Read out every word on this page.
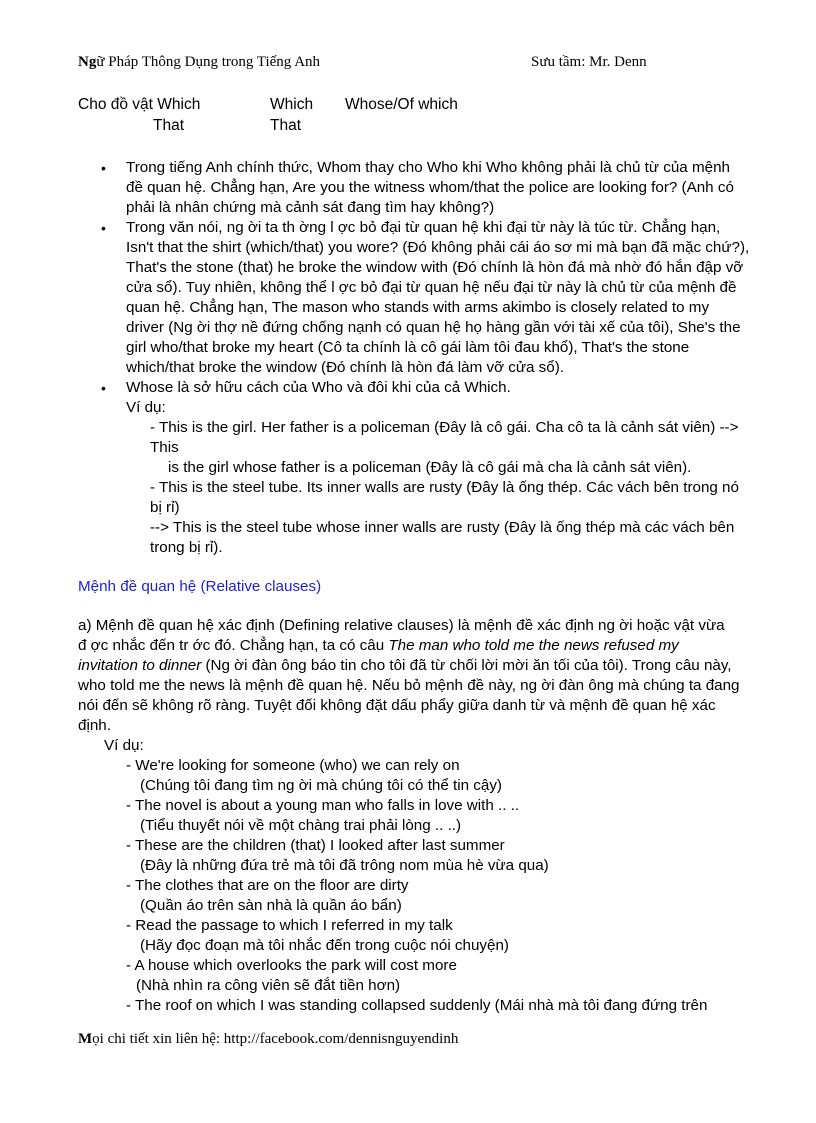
Ngữ Pháp Thông Dụng trong Tiếng Anh	Sưu tầm: Mr. Denn
Cho đồ vật Which
That
Which
That
Whose/Of which
• Trong tiếng Anh chính thức, Whom thay cho Who khi Who không phải là chủ từ của mệnh
đề quan hệ. Chẳng hạn, Are you the witness whom/that the police are looking for? (Anh có
phải là nhân chứng mà cảnh sát đang tìm hay không?)
• Trong văn nói, ng ời ta th ờng l ợc bỏ đại từ quan hệ khi đại từ này là túc từ. Chẳng hạn,
Isn't that the shirt (which/that) you wore? (Đó không phải cái áo sơ mi mà bạn đã mặc chứ?),
That's the stone (that) he broke the window with (Đó chính là hòn đá mà nhờ đó hắn đập vỡ
cửa sổ). Tuy nhiên, không thể l ợc bỏ đại từ quan hệ nếu đại từ này là chủ từ của mệnh đề
quan hệ. Chẳng hạn, The mason who stands with arms akimbo is closely related to my
driver (Ng ời thợ nề đứng chống nạnh có quan hệ họ hàng gần với tài xế của tôi), She's the
girl who/that broke my heart (Cô ta chính là cô gái làm tôi đau khổ), That's the stone
which/that broke the window (Đó chính là hòn đá làm vỡ cửa sổ).
• Whose là sở hữu cách của Who và đôi khi của cả Which.
Ví dụ:
- This is the girl. Her father is a policeman (Đây là cô gái. Cha cô ta là cảnh sát viên) -->
This
is the girl whose father is a policeman (Đây là cô gái mà cha là cảnh sát viên).
- This is the steel tube. Its inner walls are rusty (Đây là ống thép. Các vách bên trong nó
bị rỉ)
--> This is the steel tube whose inner walls are rusty (Đây là ống thép mà các vách bên
trong bị rỉ).
Mệnh đề quan hệ (Relative clauses)
a) Mệnh đề quan hệ xác định (Defining relative clauses) là mệnh đề xác định ng ời hoặc vật vừa
đ ợc nhắc đến tr ớc đó. Chẳng hạn, ta có câu The man who told me the news refused my
invitation to dinner (Ng ời đàn ông báo tin cho tôi đã từ chối lời mời ăn tối của tôi). Trong câu này,
who told me the news là mệnh đề quan hệ. Nếu bỏ mệnh đề này, ng ời đàn ông mà chúng ta đang
nói đến sẽ không rõ ràng. Tuyệt đối không đặt dấu phẩy giữa danh từ và mệnh đề quan hệ xác
định.
Ví dụ:
- We're looking for someone (who) we can rely on
(Chúng tôi đang tìm ng ời mà chúng tôi có thể tin cậy)
- The novel is about a young man who falls in love with .. ..
(Tiểu thuyết nói về một chàng trai phải lòng .. ..)
- These are the children (that) I looked after last summer
(Đây là những đứa trẻ mà tôi đã trông nom mùa hè vừa qua)
- The clothes that are on the floor are dirty
(Quần áo trên sàn nhà là quần áo bẩn)
- Read the passage to which I referred in my talk
(Hãy đọc đoạn mà tôi nhắc đến trong cuộc nói chuyện)
- A house which overlooks the park will cost more
(Nhà nhìn ra công viên sẽ đắt tiền hơn)
- The roof on which I was standing collapsed suddenly (Mái nhà mà tôi đang đứng trên
Mọi chi tiết xin liên hệ: http://facebook.com/dennisnguyendinh
